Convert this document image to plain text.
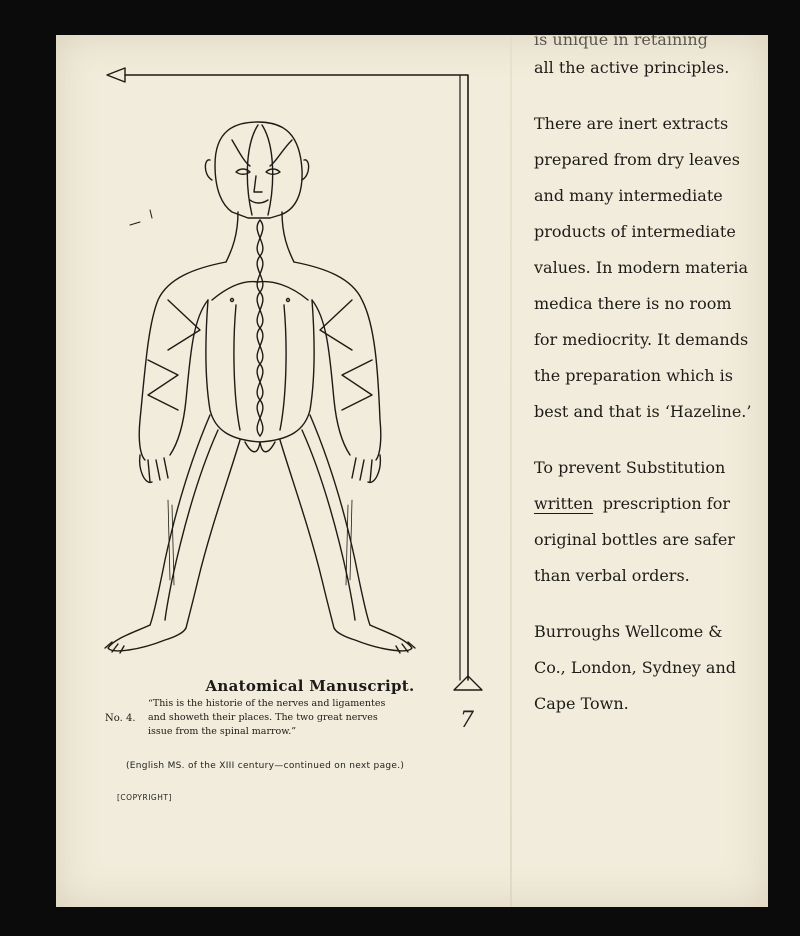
Anatomical Manuscript.
No. 4.
“This is the historie of the nerves and ligamentes
and showeth their places. The two great nerves
issue from the spinal marrow.”
(English MS. of the XIII century—continued on next page.)
[COPYRIGHT]
7
is unique in retaining
all the active principles.
There are inert extracts
prepared from dry leaves
and many intermediate
products of intermediate
values. In modern materia
medica there is no room
for mediocrity. It demands
the preparation which is
best and that is ‘Hazeline.’
To prevent Substitution
written prescription for
original bottles are safer
than verbal orders.
Burroughs Wellcome &
Co., London, Sydney and
Cape Town.
